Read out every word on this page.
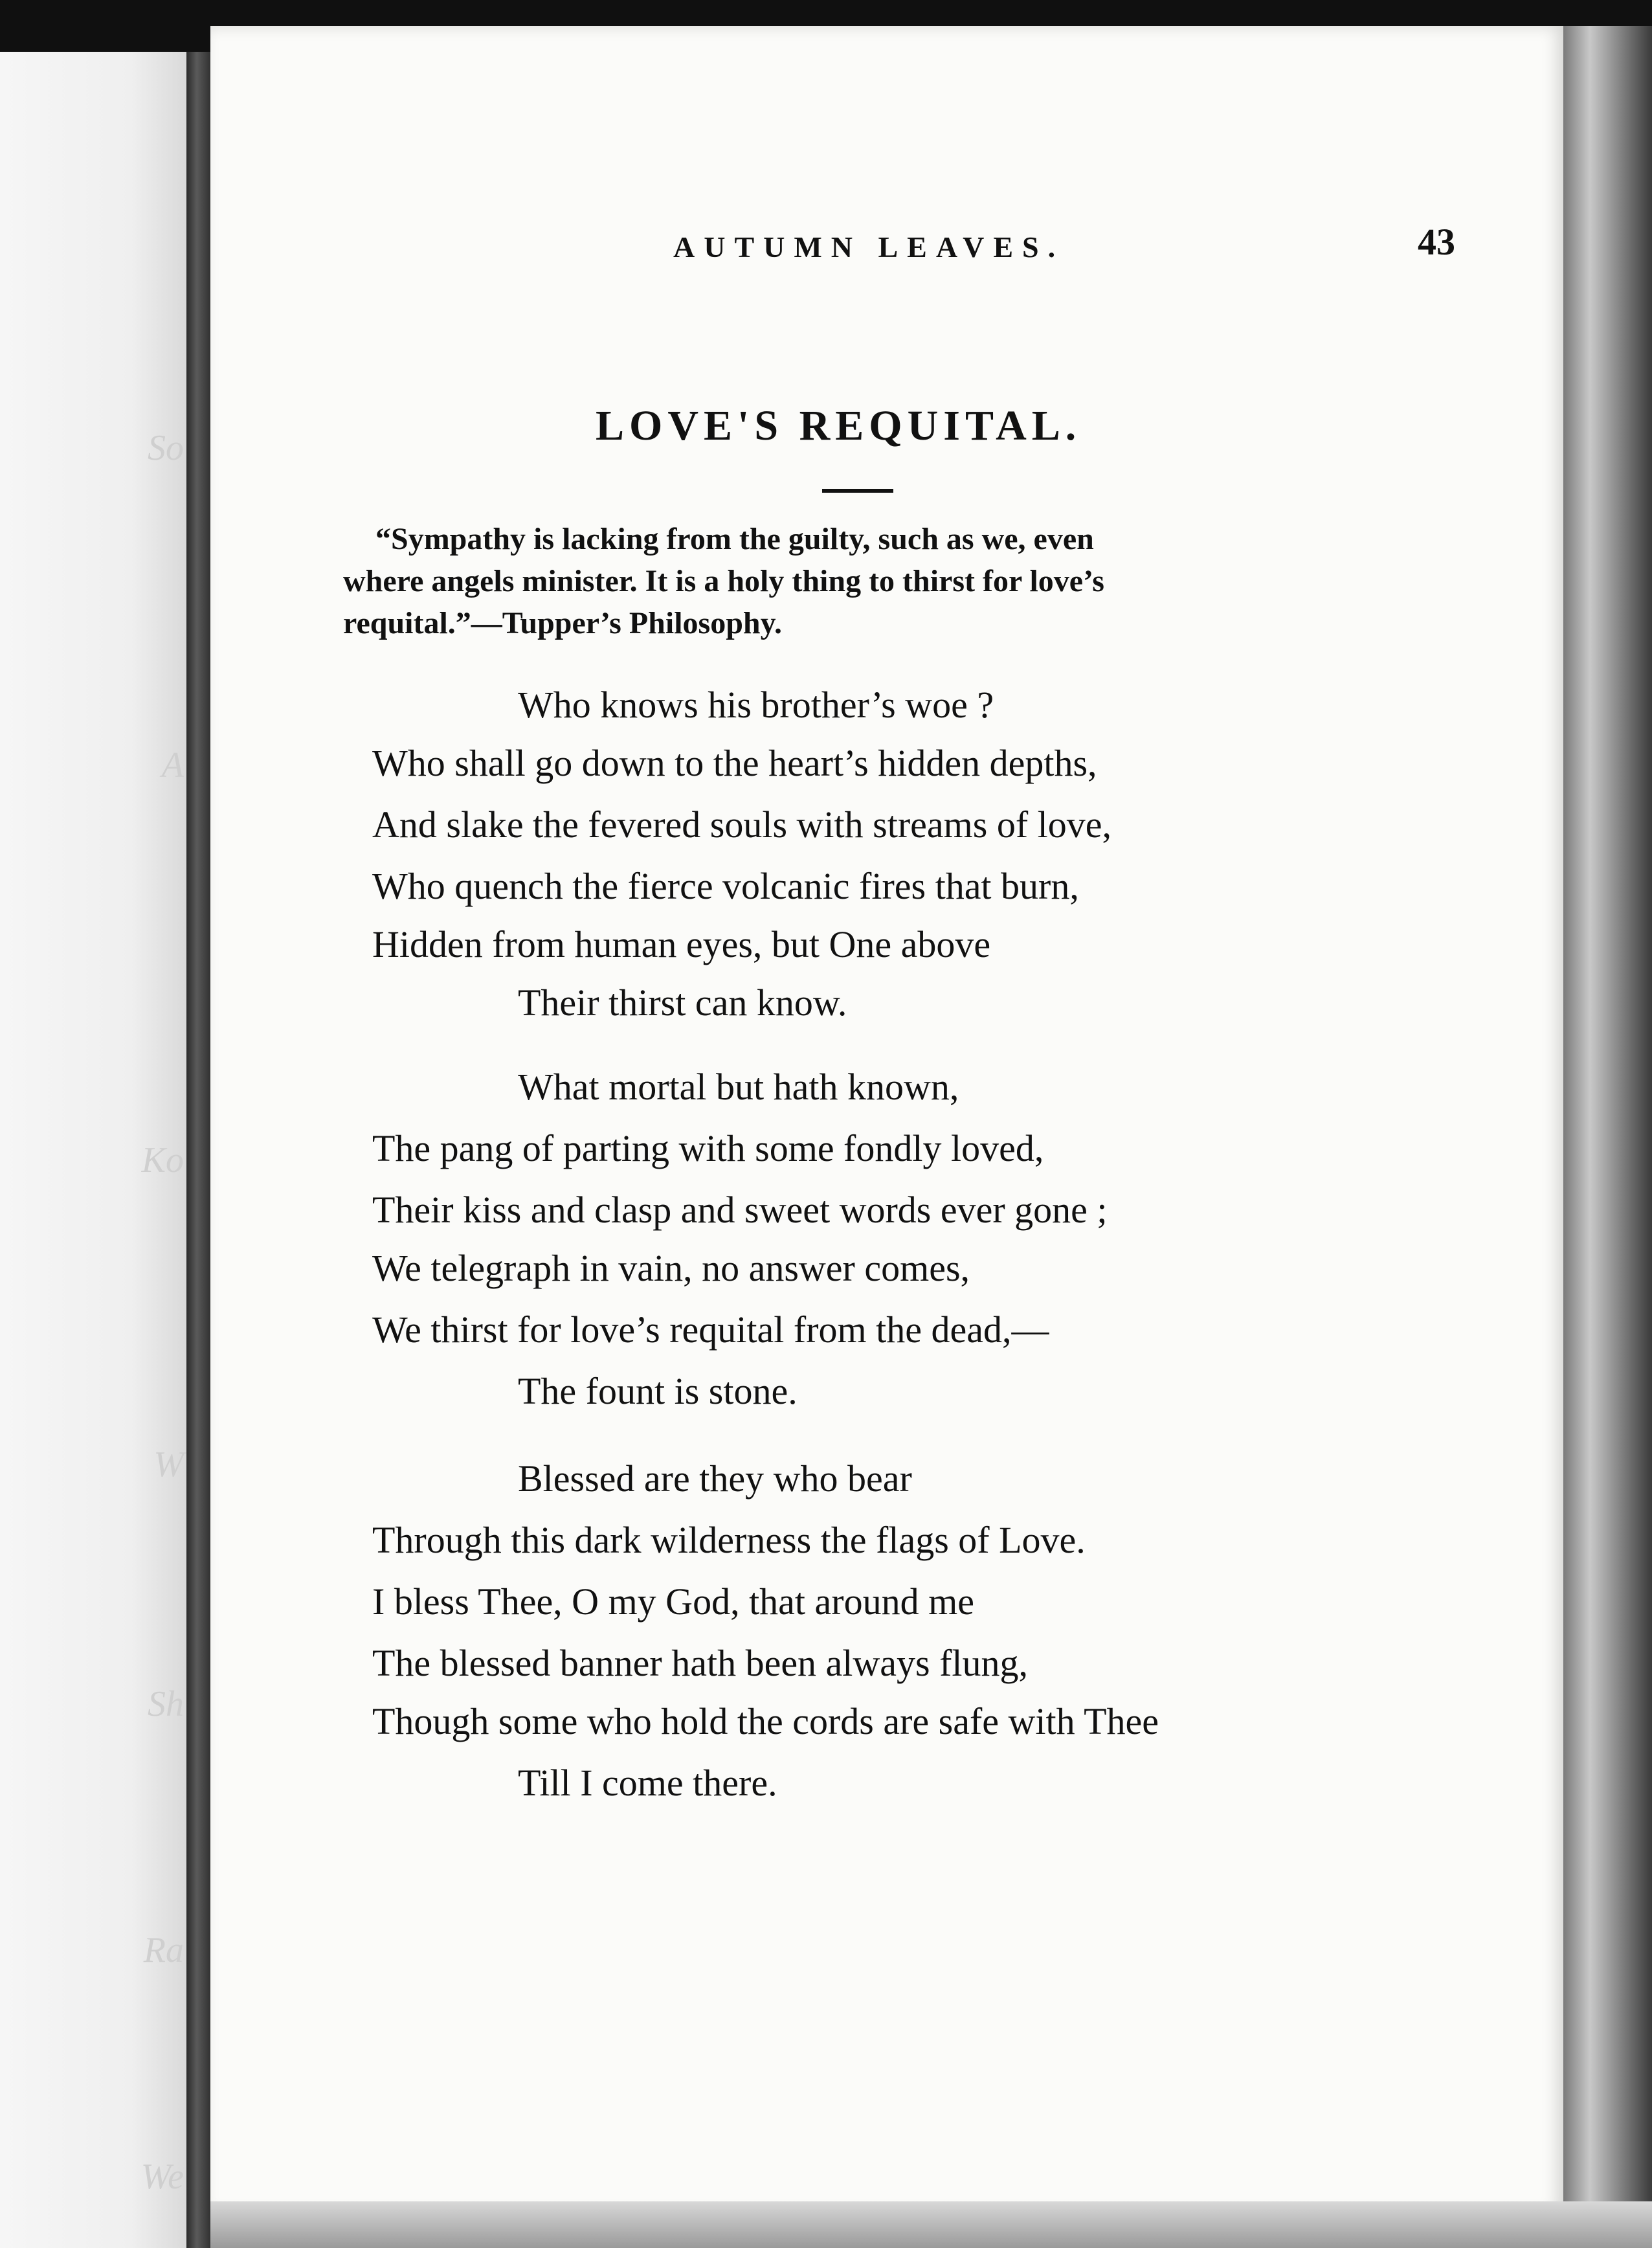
So
A
Ko
W
Sh
Ra
We
AUTUMN LEAVES.	43
LOVE'S REQUITAL.
“Sympathy is lacking from the guilty, such as we, even
where angels minister. It is a holy thing to thirst for love’s
requital.”—Tupper’s Philosophy.
Who knows his brother’s woe ?
Who shall go down to the heart’s hidden depths,
And slake the fevered souls with streams of love,
Who quench the fierce volcanic fires that burn,
Hidden from human eyes, but One above
Their thirst can know.
What mortal but hath known,
The pang of parting with some fondly loved,
Their kiss and clasp and sweet words ever gone ;
We telegraph in vain, no answer comes,
We thirst for love’s requital from the dead,—
The fount is stone.
Blessed are they who bear
Through this dark wilderness the flags of Love.
I bless Thee, O my God, that around me
The blessed banner hath been always flung,
Though some who hold the cords are safe with Thee
Till I come there.
